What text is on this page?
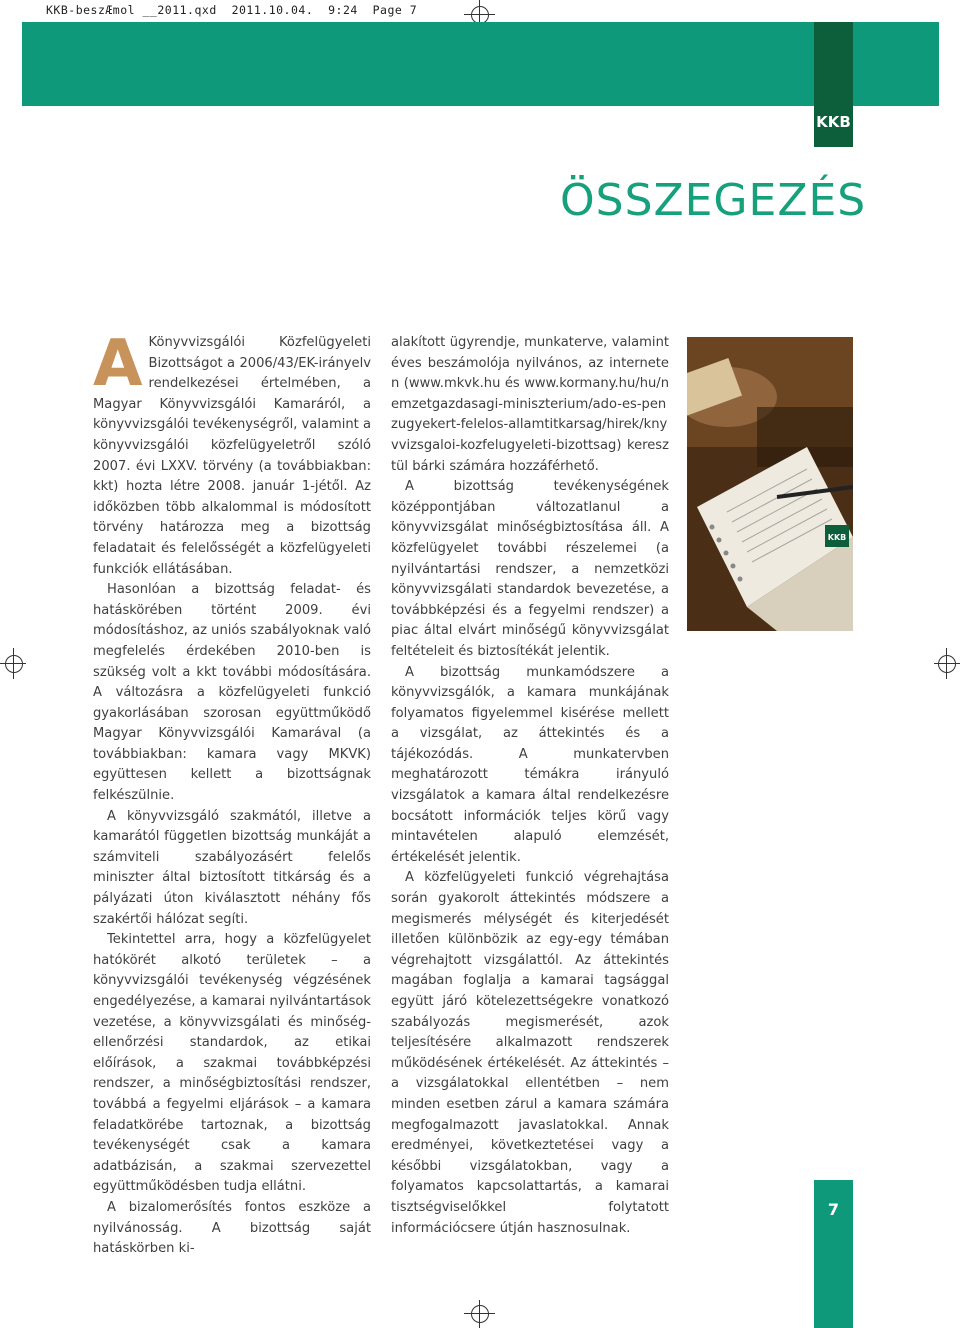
KKB-beszÆmol __2011.qxd  2011.10.04.  9:24  Page 7
KKB
ÖSSZEGEZÉS

A Könyvvizsgálói Közfelügyeleti Bizottságot a 2006/43/EK-irányelv rendelkezései értelmében, a Magyar Könyvvizsgálói Kamaráról, a könyvvizsgálói tevékenységről, valamint a könyvvizsgálói közfelügyeletről szóló 2007. évi LXXV. törvény (a továbbiakban: kkt) hozta létre 2008. január 1-jétől. Az időközben több alkalommal is módosított törvény határozza meg a bizottság feladatait és felelősségét a közfelügyeleti funkciók ellátásában.

Hasonlóan a bizottság feladat- és hatáskörében történt 2009. évi módosításhoz, az uniós szabályoknak való megfelelés érdekében 2010-ben is szükség volt a kkt további módosítására. A változásra a közfelügyeleti funkció gyakorlásában szorosan együttműködő Magyar Könyvvizsgálói Kamarával (a továbbiakban: kamara vagy MKVK) együttesen kellett a bizottságnak felkészülnie.

A könyvvizsgáló szakmától, illetve a kamarától független bizottság munkáját a számviteli szabályozásért felelős miniszter által biztosított titkárság és a pályázati úton kiválasztott néhány fős szakértői hálózat segíti.

Tekintettel arra, hogy a közfelügyelet hatókörét alkotó területek – a könyvvizsgálói tevékenység végzésének engedélyezése, a kamarai nyilvántartások vezetése, a könyvvizsgálati és minőség-ellenőrzési standardok, az etikai előírások, a szakmai továbbképzési rendszer, a minőségbiztosítási rendszer, továbbá a fegyelmi eljárások – a kamara feladatkörébe tartoznak, a bizottság tevékenységét csak a kamara adatbázisán, a szakmai szervezettel együttműködésben tudja ellátni.

A bizalomerősítés fontos eszköze a nyilvánosság. A bizottság saját hatáskörben ki-

alakított ügyrendje, munkaterve, valamint éves beszámolója nyilvános, az interneten (www.mkvk.hu és www.kormany.hu/hu/nemzetgazdasagi-miniszterium/ado-es-penzugyekert-felelos-allamtitkarsag/hirek/knyvvizsgaloi-kozfelugyeleti-bizottsag) keresztül bárki számára hozzáférhető.

A bizottság tevékenységének középpontjában változatlanul a könyvvizsgálat minőségbiztosítása áll. A közfelügyelet további részelemei (a nyilvántartási rendszer, a nemzetközi könyvvizsgálati standardok bevezetése, a továbbképzési és a fegyelmi rendszer) a piac által elvárt minőségű könyvvizsgálat feltételeit és biztosítékát jelentik.

A bizottság munkamódszere a könyvvizsgálók, a kamara munkájának folyamatos figyelemmel kisérése mellett a vizsgálat, az áttekintés és a tájékozódás. A munkatervben meghatározott témákra irányuló vizsgálatok a kamara által rendelkezésre bocsátott információk teljes körű vagy mintavételen alapuló elemzését, értékelését jelentik.

A közfelügyeleti funkció végrehajtása során gyakorolt áttekintés módszere a megismerés mélységét és kiterjedését illetően különbözik az egy-egy témában végrehajtott vizsgálattól. Az áttekintés magában foglalja a kamarai tagsággal együtt járó kötelezettségekre vonatkozó szabályozás megismerését, azok teljesítésére alkalmazott rendszerek működésének értékelését. Az áttekintés – a vizsgálatokkal ellentétben – nem minden esetben zárul a kamara számára megfogalmazott javaslatokkal. Annak eredményei, következtetései vagy a későbbi vizsgálatokban, vagy a folyamatos kapcsolattartás, a kamarai tisztségviselőkkel folytatott információcsere útján hasznosulnak.

KKB
7
